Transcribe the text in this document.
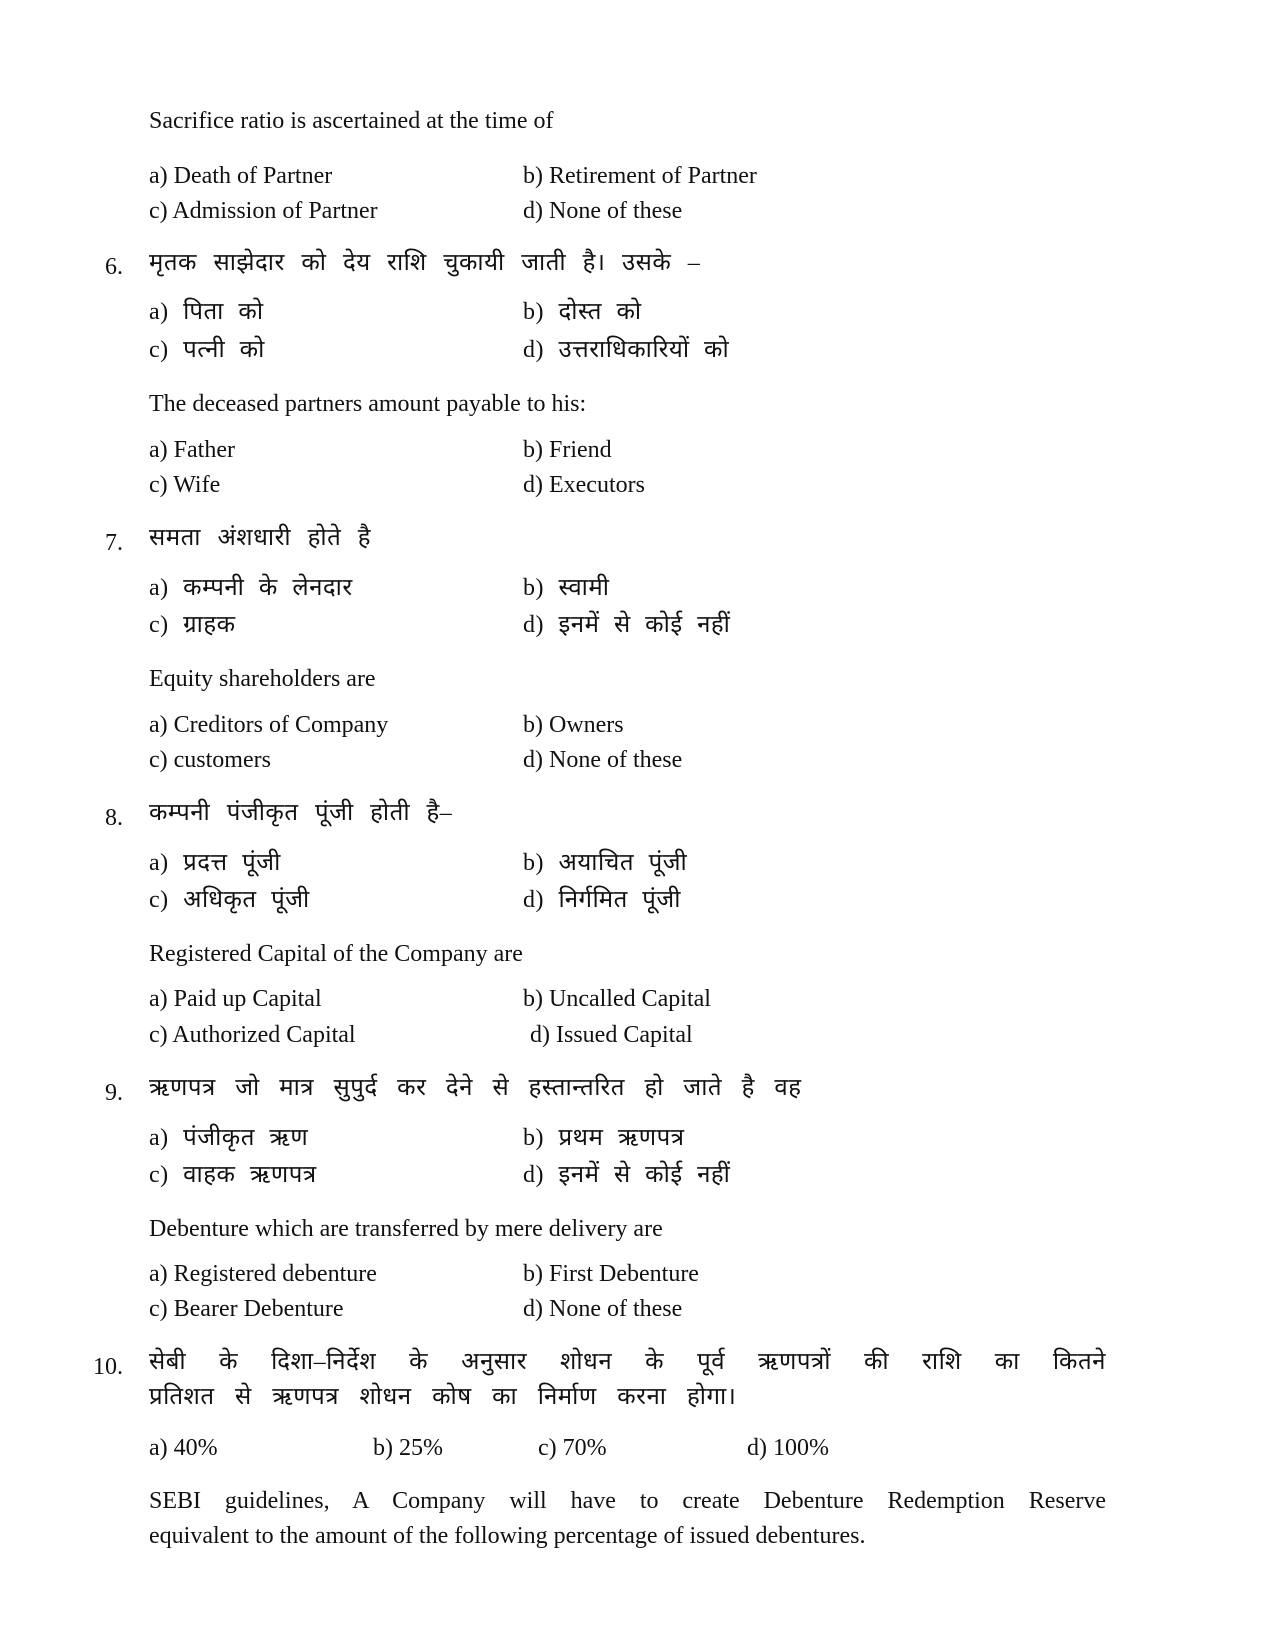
Sacrifice ratio is ascertained at the time of
a) Death of Partner	b) Retirement of Partner
c) Admission of Partner	d) None of these
6. मृतक साझेदार को देय राशि चुकायी जाती है। उसके –
a) पिता को	b) दोस्त को
c) पत्नी को	d) उत्तराधिकारियों को
The deceased partners amount payable to his:
a) Father	b) Friend
c) Wife	d) Executors
7. समता अंशधारी होते है
a) कम्पनी के लेनदार	b) स्वामी
c) ग्राहक	d) इनमें से कोई नहीं
Equity shareholders are
a) Creditors of Company	b) Owners
c) customers	d) None of these
8. कम्पनी पंजीकृत पूंजी होती है–
a) प्रदत्त पूंजी	b) अयाचित पूंजी
c) अधिकृत पूंजी	d) निर्गमित पूंजी
Registered Capital of the Company are
a) Paid up Capital	b) Uncalled Capital
c) Authorized Capital	d) Issued Capital
9. ऋणपत्र जो मात्र सुपुर्द कर देने से हस्तान्तरित हो जाते है वह
a) पंजीकृत ऋण	b) प्रथम ऋणपत्र
c) वाहक ऋणपत्र	d) इनमें से कोई नहीं
Debenture which are transferred by mere delivery are
a) Registered debenture	b) First Debenture
c) Bearer Debenture	d) None of these
10. सेबी के दिशा–निर्देश के अनुसार शोधन के पूर्व ऋणपत्रों की राशि का कितने
प्रतिशत से ऋणपत्र शोधन कोष का निर्माण करना होगा।
a) 40%	b) 25%	c) 70%	d) 100%
SEBI guidelines, A Company will have to create Debenture Redemption Reserve
equivalent to the amount of the following percentage of issued debentures.
